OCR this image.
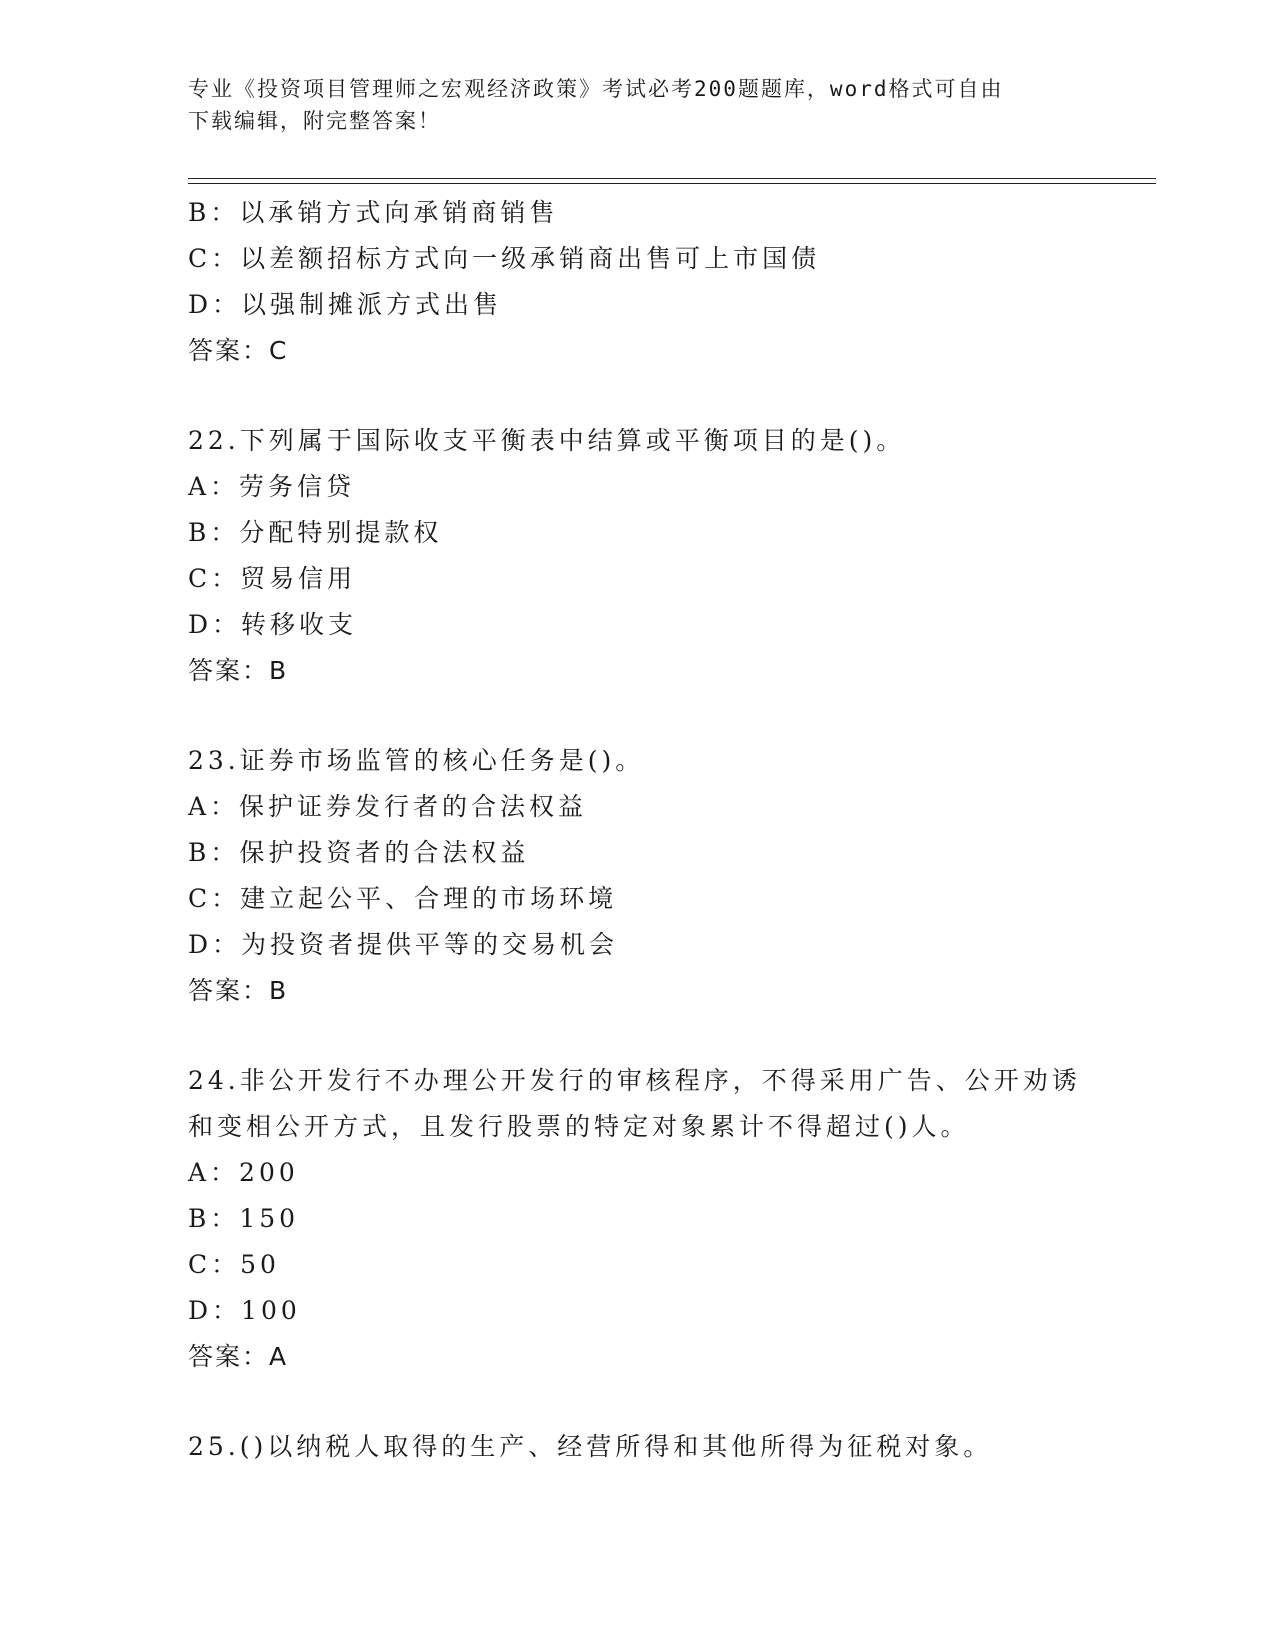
专业《投资项目管理师之宏观经济政策》考试必考200题题库，word格式可自由
下载编辑，附完整答案！
B：以承销方式向承销商销售
C：以差额招标方式向一级承销商出售可上市国债
D：以强制摊派方式出售
答案：C
22.下列属于国际收支平衡表中结算或平衡项目的是()。
A：劳务信贷
B：分配特别提款权
C：贸易信用
D：转移收支
答案：B
23.证券市场监管的核心任务是()。
A：保护证券发行者的合法权益
B：保护投资者的合法权益
C：建立起公平、合理的市场环境
D：为投资者提供平等的交易机会
答案：B
24.非公开发行不办理公开发行的审核程序，不得采用广告、公开劝诱
和变相公开方式，且发行股票的特定对象累计不得超过()人。
A：200
B：150
C：50
D：100
答案：A
25.()以纳税人取得的生产、经营所得和其他所得为征税对象。
